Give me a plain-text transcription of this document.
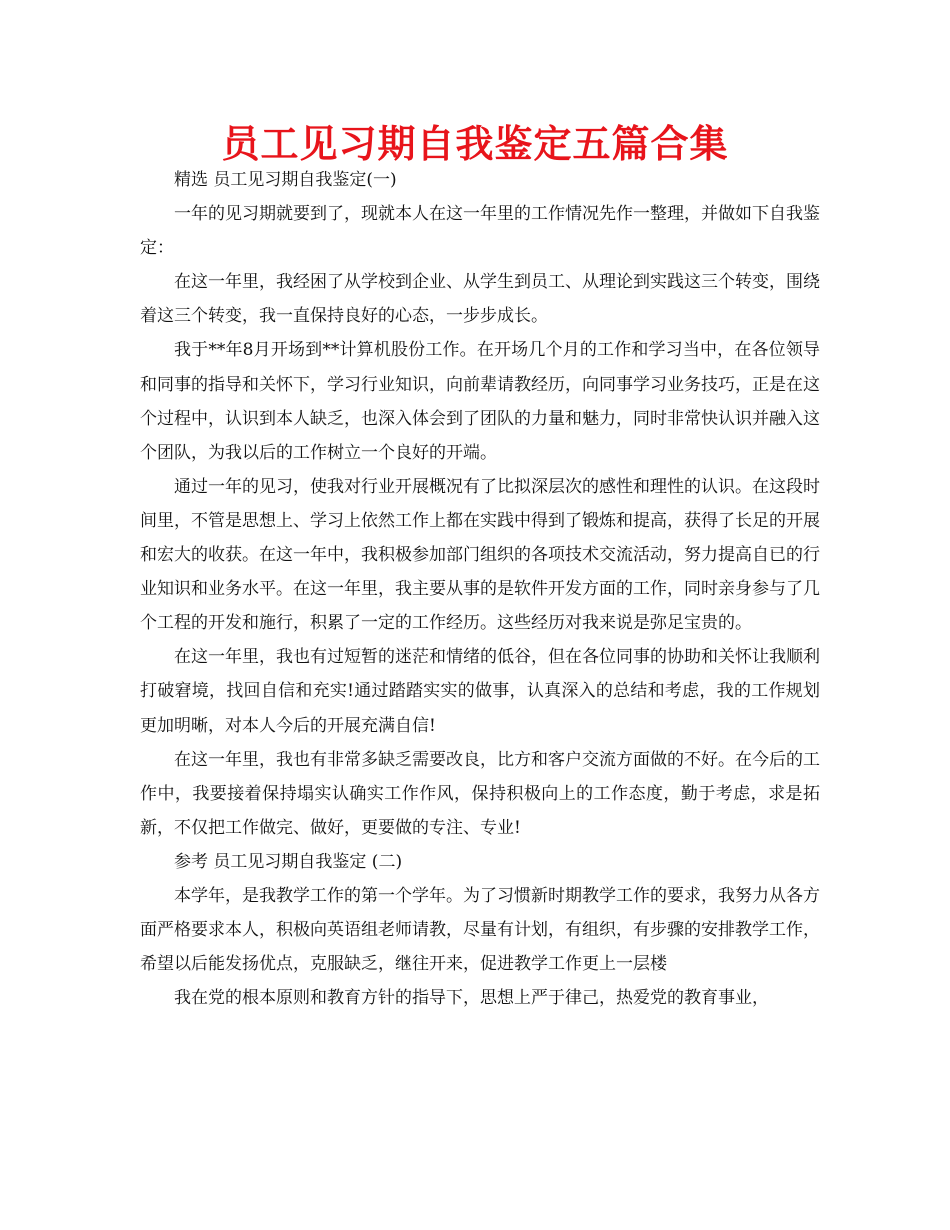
员工见习期自我鉴定五篇合集

精选 员工见习期自我鉴定(一)

一年的见习期就要到了，现就本人在这一年里的工作情况先作一整理，并做如下自我鉴定：

在这一年里，我经困了从学校到企业、从学生到员工、从理论到实践这三个转变，围绕着这三个转变，我一直保持良好的心态，一步步成长。

我于**年8月开场到**计算机股份工作。在开场几个月的工作和学习当中，在各位领导和同事的指导和关怀下，学习行业知识，向前辈请教经历，向同事学习业务技巧，正是在这个过程中，认识到本人缺乏，也深入体会到了团队的力量和魅力，同时非常快认识并融入这个团队，为我以后的工作树立一个良好的开端。

通过一年的见习，使我对行业开展概况有了比拟深层次的感性和理性的认识。在这段时间里，不管是思想上、学习上依然工作上都在实践中得到了锻炼和提高，获得了长足的开展和宏大的收获。在这一年中，我积极参加部门组织的各项技术交流活动，努力提高自已的行业知识和业务水平。在这一年里，我主要从事的是软件开发方面的工作，同时亲身参与了几个工程的开发和施行，积累了一定的工作经历。这些经历对我来说是弥足宝贵的。

在这一年里，我也有过短暂的迷茫和情绪的低谷，但在各位同事的协助和关怀让我顺利打破窘境，找回自信和充实!通过踏踏实实的做事，认真深入的总结和考虑，我的工作规划更加明晰，对本人今后的开展充满自信!

在这一年里，我也有非常多缺乏需要改良，比方和客户交流方面做的不好。在今后的工作中，我要接着保持塌实认确实工作作风，保持积极向上的工作态度，勤于考虑，求是拓新，不仅把工作做完、做好，更要做的专注、专业!

参考 员工见习期自我鉴定 (二)

本学年，是我教学工作的第一个学年。为了习惯新时期教学工作的要求，我努力从各方面严格要求本人，积极向英语组老师请教，尽量有计划，有组织，有步骤的安排教学工作，希望以后能发扬优点，克服缺乏，继往开来，促进教学工作更上一层楼

我在党的根本原则和教育方针的指导下，思想上严于律己，热爱党的教育事业，
